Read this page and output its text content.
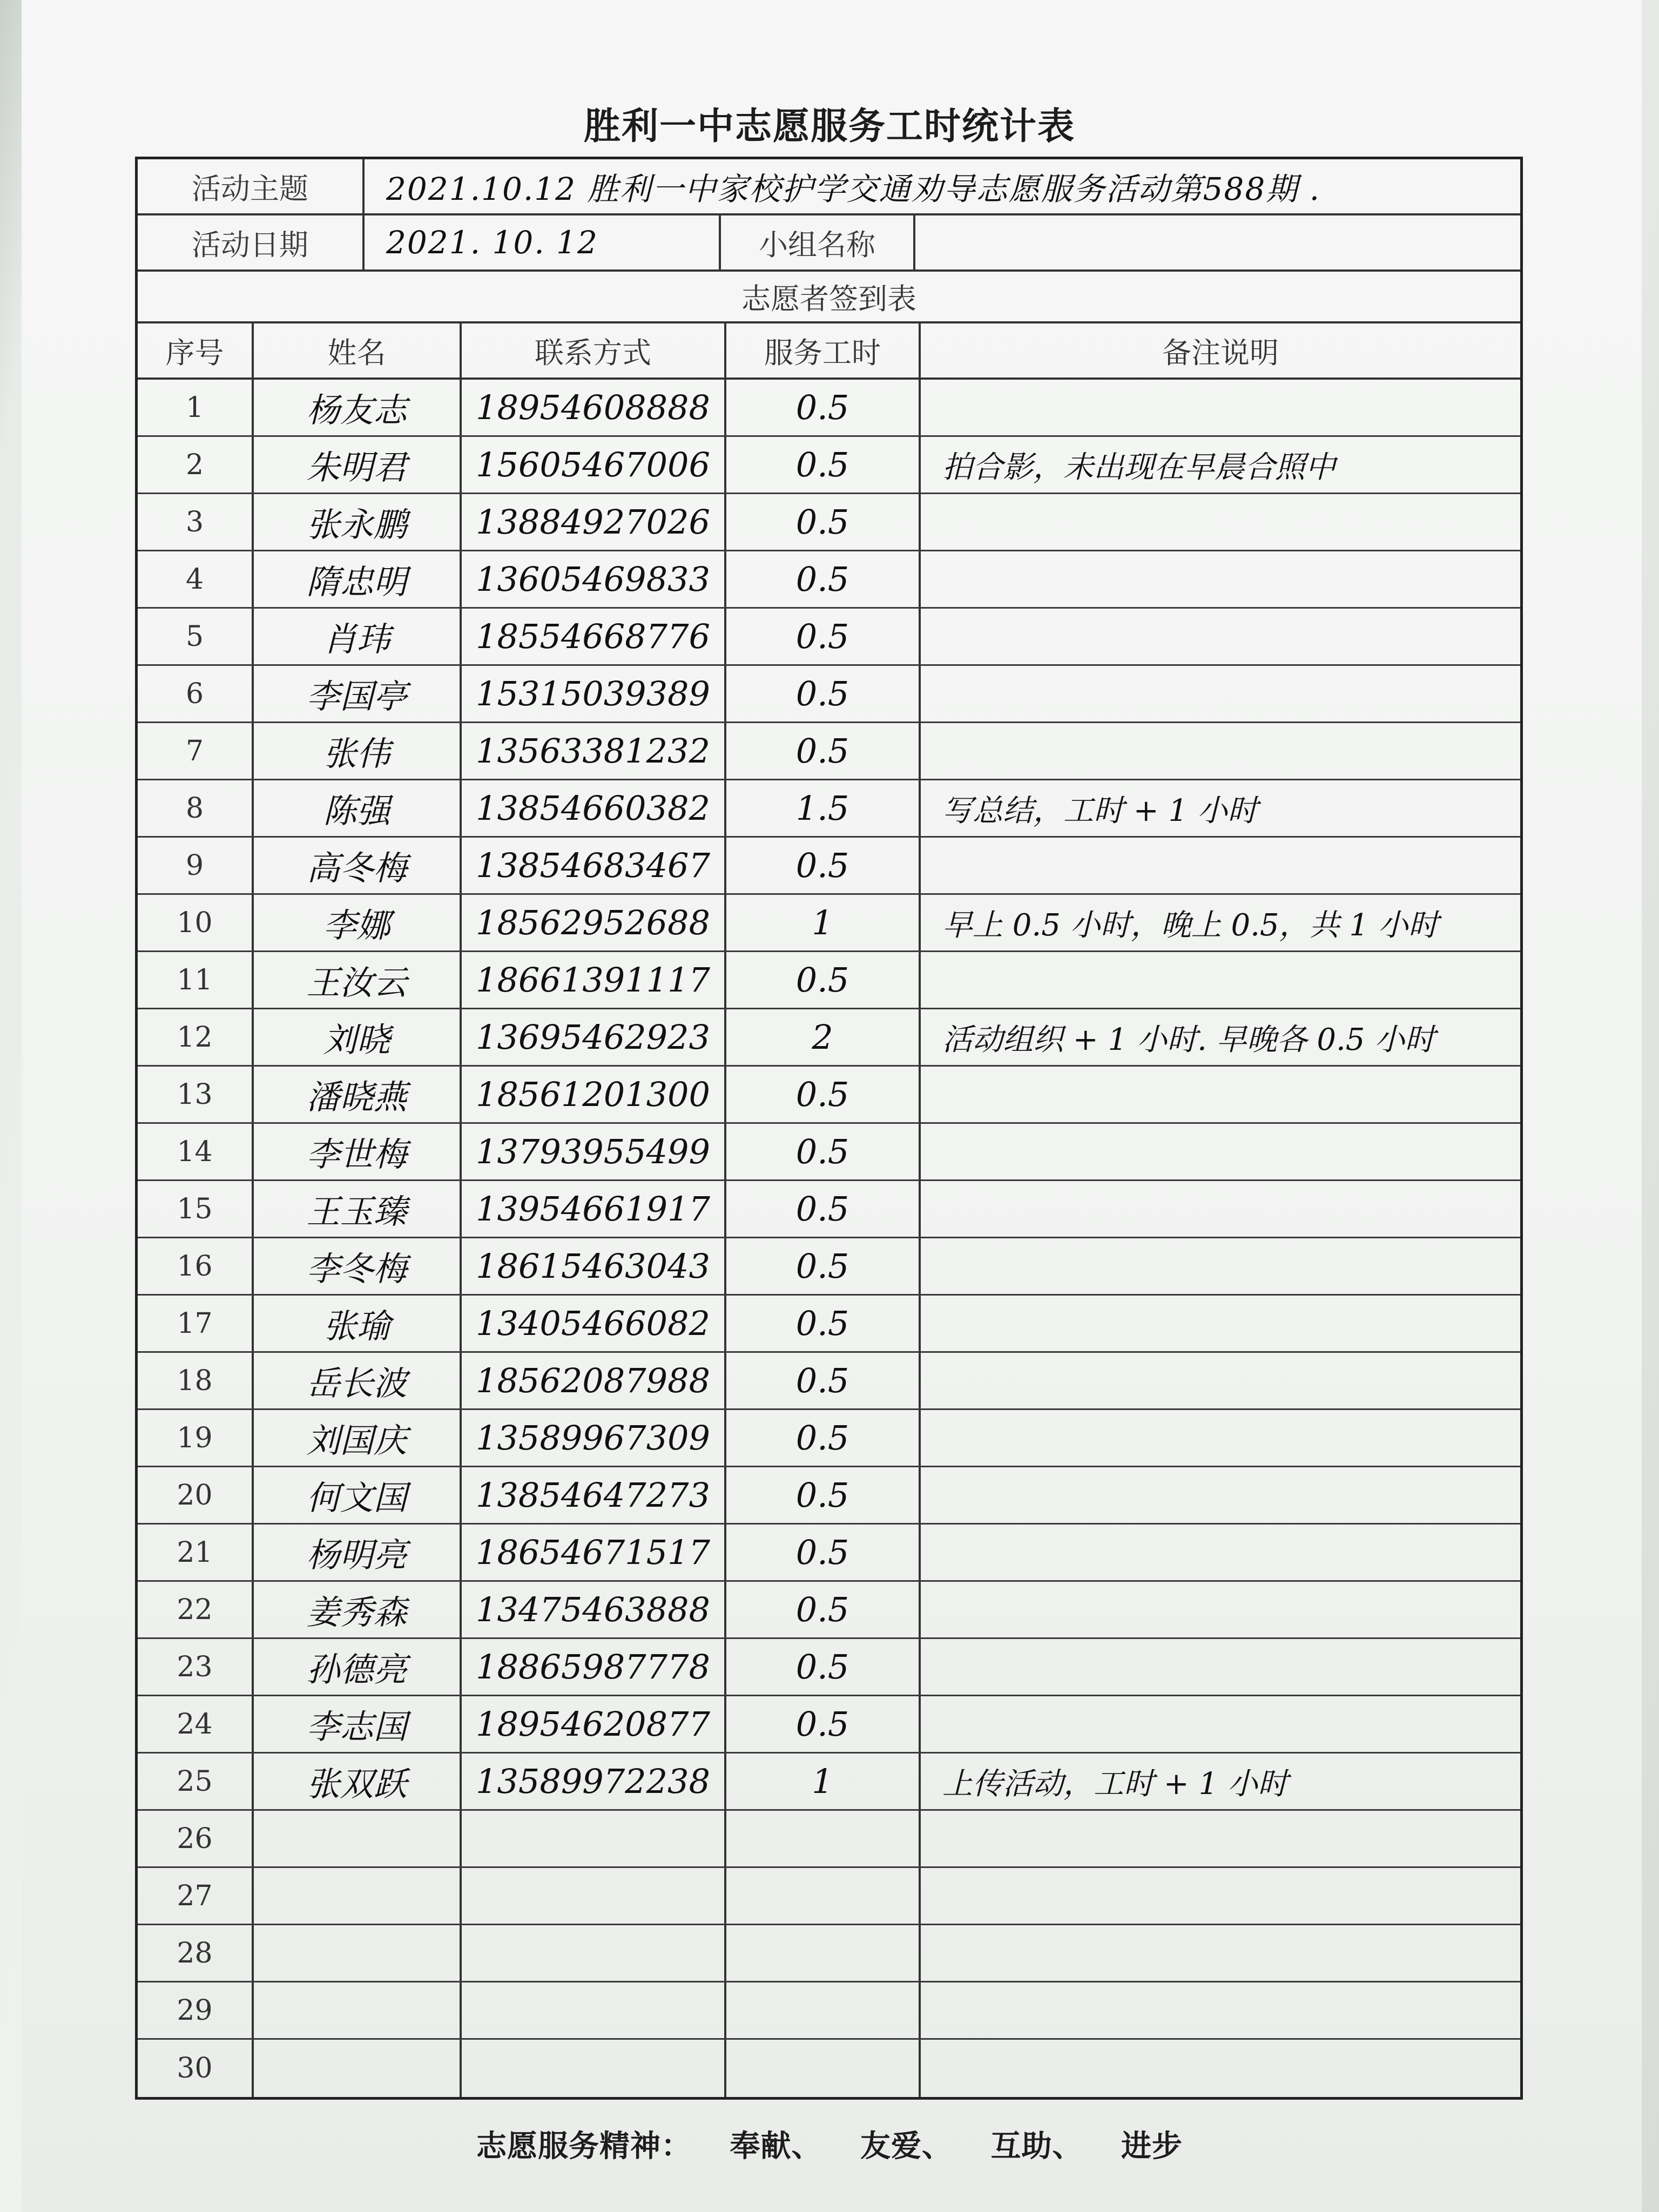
胜利一中志愿服务工时统计表
活动主题	2021.10.12 胜利一中家校护学交通劝导志愿服务活动第588期 .
活动日期	2021. 10. 12	小组名称
志愿者签到表
序号	姓名	联系方式	服务工时	备注说明
1	杨友志	18954608888	0.5
2	朱明君	15605467006	0.5	拍合影，未出现在早晨合照中
3	张永鹏	13884927026	0.5
4	隋忠明	13605469833	0.5
5	肖玮	18554668776	0.5
6	李国亭	15315039389	0.5
7	张伟	13563381232	0.5
8	陈强	13854660382	1.5	写总结，工时 + 1 小时
9	高冬梅	13854683467	0.5
10	李娜	18562952688	1	早上 0.5 小时，晚上 0.5，共 1 小时
11	王汝云	18661391117	0.5
12	刘晓	13695462923	2	活动组织 + 1 小时. 早晚各 0.5 小时
13	潘晓燕	18561201300	0.5
14	李世梅	13793955499	0.5
15	王玉臻	13954661917	0.5
16	李冬梅	18615463043	0.5
17	张瑜	13405466082	0.5
18	岳长波	18562087988	0.5
19	刘国庆	13589967309	0.5
20	何文国	13854647273	0.5
21	杨明亮	18654671517	0.5
22	姜秀森	13475463888	0.5
23	孙德亮	18865987778	0.5
24	李志国	18954620877	0.5
25	张双跃	13589972238	1	上传活动，工时 + 1 小时
26
27
28
29
30
志愿服务精神： 奉献、 友爱、 互助、 进步
